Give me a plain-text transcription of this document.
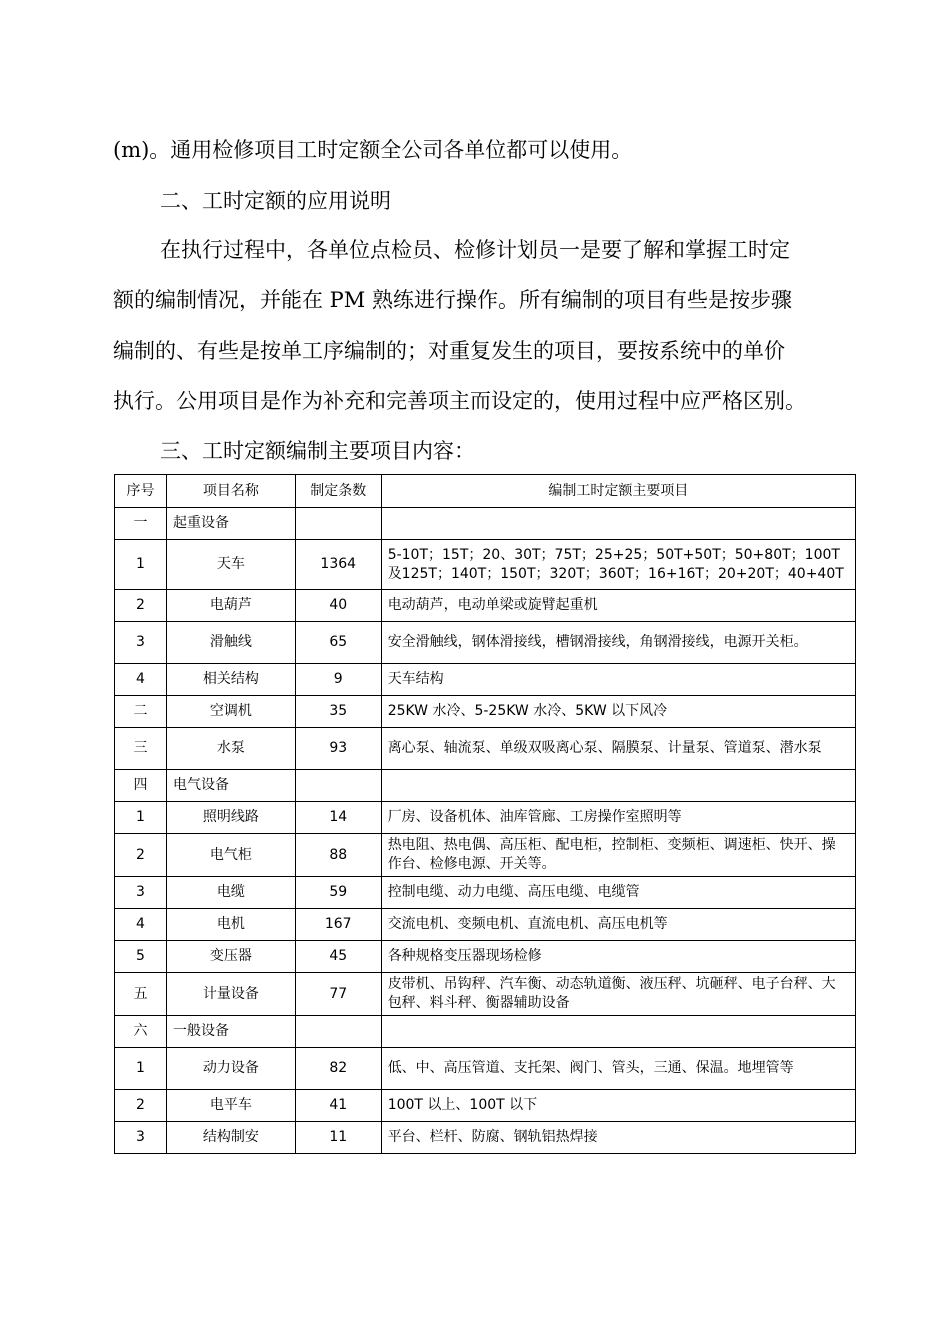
(m)。通用检修项目工时定额全公司各单位都可以使用。
二、工时定额的应用说明
在执行过程中，各单位点检员、检修计划员一是要了解和掌握工时定
额的编制情况，并能在 PM 熟练进行操作。所有编制的项目有些是按步骤
编制的、有些是按单工序编制的；对重复发生的项目，要按系统中的单价
执行。公用项目是作为补充和完善项主而设定的，使用过程中应严格区别。
三、工时定额编制主要项目内容：
序号	项目名称	制定条数	编制工时定额主要项目
一	起重设备		
1	天车	1364	5-10T；15T；20、30T；75T；25+25；50T+50T；50+80T；100T及125T；140T；150T；320T；360T；16+16T；20+20T；40+40T
2	电葫芦	40	电动葫芦，电动单梁或旋臂起重机
3	滑触线	65	安全滑触线，钢体滑接线，槽钢滑接线，角钢滑接线，电源开关柜。
4	相关结构	9	天车结构
二	空调机	35	25KW 水冷、5-25KW 水冷、5KW 以下风冷
三	水泵	93	离心泵、轴流泵、单级双吸离心泵、隔膜泵、计量泵、管道泵、潜水泵
四	电气设备		
1	照明线路	14	厂房、设备机体、油库管廊、工房操作室照明等
2	电气柜	88	热电阻、热电偶、高压柜、配电柜，控制柜、变频柜、调速柜、快开、操作台、检修电源、开关等。
3	电缆	59	控制电缆、动力电缆、高压电缆、电缆管
4	电机	167	交流电机、变频电机、直流电机、高压电机等
5	变压器	45	各种规格变压器现场检修
五	计量设备	77	皮带机、吊钩秤、汽车衡、动态轨道衡、液压秤、坑砸秤、电子台秤、大包秤、料斗秤、衡器辅助设备
六	一般设备		
1	动力设备	82	低、中、高压管道、支托架、阀门、管头，三通、保温。地埋管等
2	电平车	41	100T 以上、100T 以下
3	结构制安	11	平台、栏杆、防腐、钢轨铝热焊接
